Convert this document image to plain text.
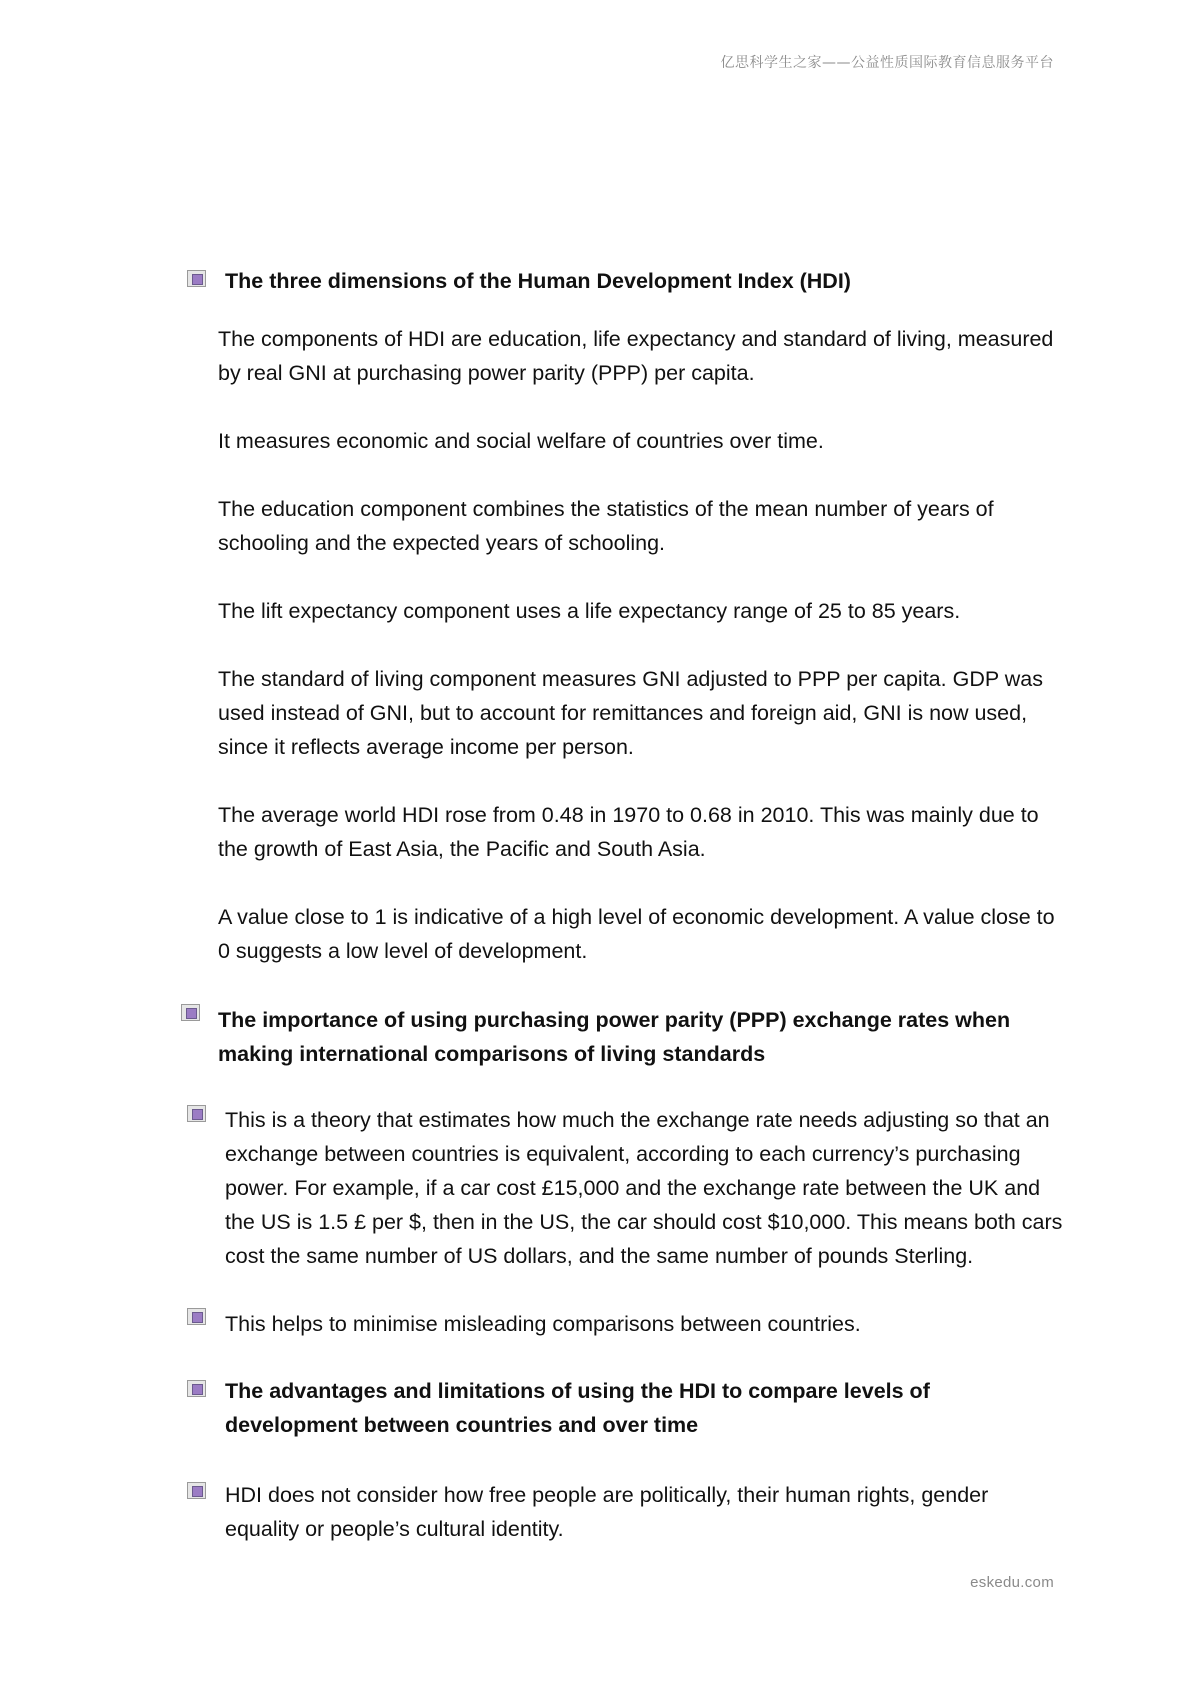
亿思科学生之家——公益性质国际教育信息服务平台
The three dimensions of the Human Development Index (HDI)

The components of HDI are education, life expectancy and standard of living, measured by real GNI at purchasing power parity (PPP) per capita.

It measures economic and social welfare of countries over time.

The education component combines the statistics of the mean number of years of schooling and the expected years of schooling.

The lift expectancy component uses a life expectancy range of 25 to 85 years.

The standard of living component measures GNI adjusted to PPP per capita. GDP was used instead of GNI, but to account for remittances and foreign aid, GNI is now used, since it reflects average income per person.

The average world HDI rose from 0.48 in 1970 to 0.68 in 2010. This was mainly due to the growth of East Asia, the Pacific and South Asia.

A value close to 1 is indicative of a high level of economic development. A value close to 0 suggests a low level of development.

The importance of using purchasing power parity (PPP) exchange rates when making international comparisons of living standards
This is a theory that estimates how much the exchange rate needs adjusting so that an exchange between countries is equivalent, according to each currency’s purchasing power. For example, if a car cost £15,000 and the exchange rate between the UK and the US is 1.5 £ per $, then in the US, the car should cost $10,000. This means both cars cost the same number of US dollars, and the same number of pounds Sterling.
This helps to minimise misleading comparisons between countries.
The advantages and limitations of using the HDI to compare levels of development between countries and over time
HDI does not consider how free people are politically, their human rights, gender equality or people’s cultural identity.
eskedu.com
